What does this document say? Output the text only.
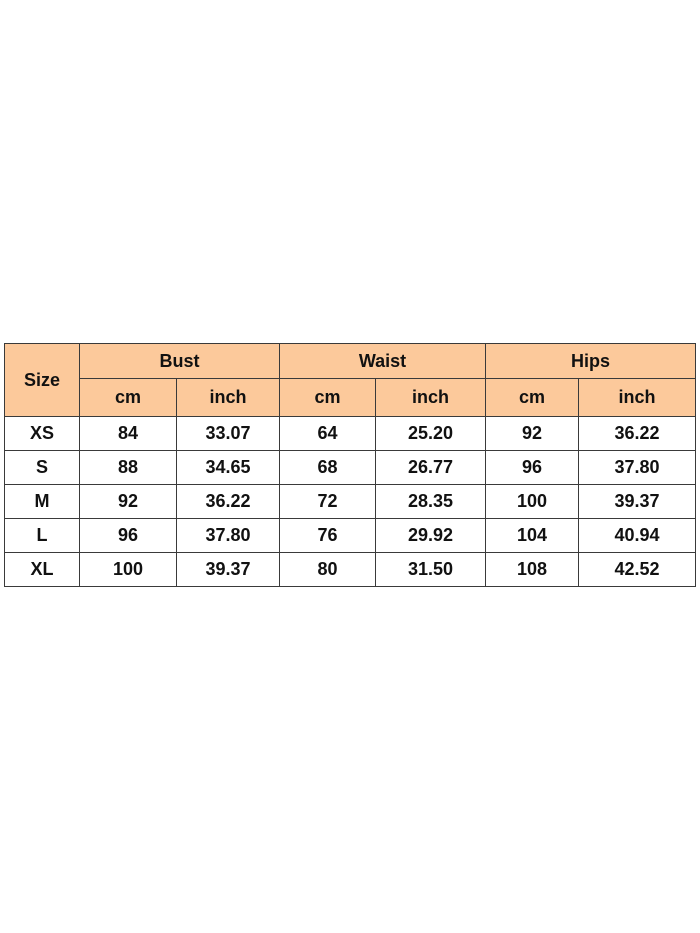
Size	Bust		Waist		Hips	
	cm	inch	cm	inch	cm	inch
XS	84	33.07	64	25.20	92	36.22
S	88	34.65	68	26.77	96	37.80
M	92	36.22	72	28.35	100	39.37
L	96	37.80	76	29.92	104	40.94
XL	100	39.37	80	31.50	108	42.52
